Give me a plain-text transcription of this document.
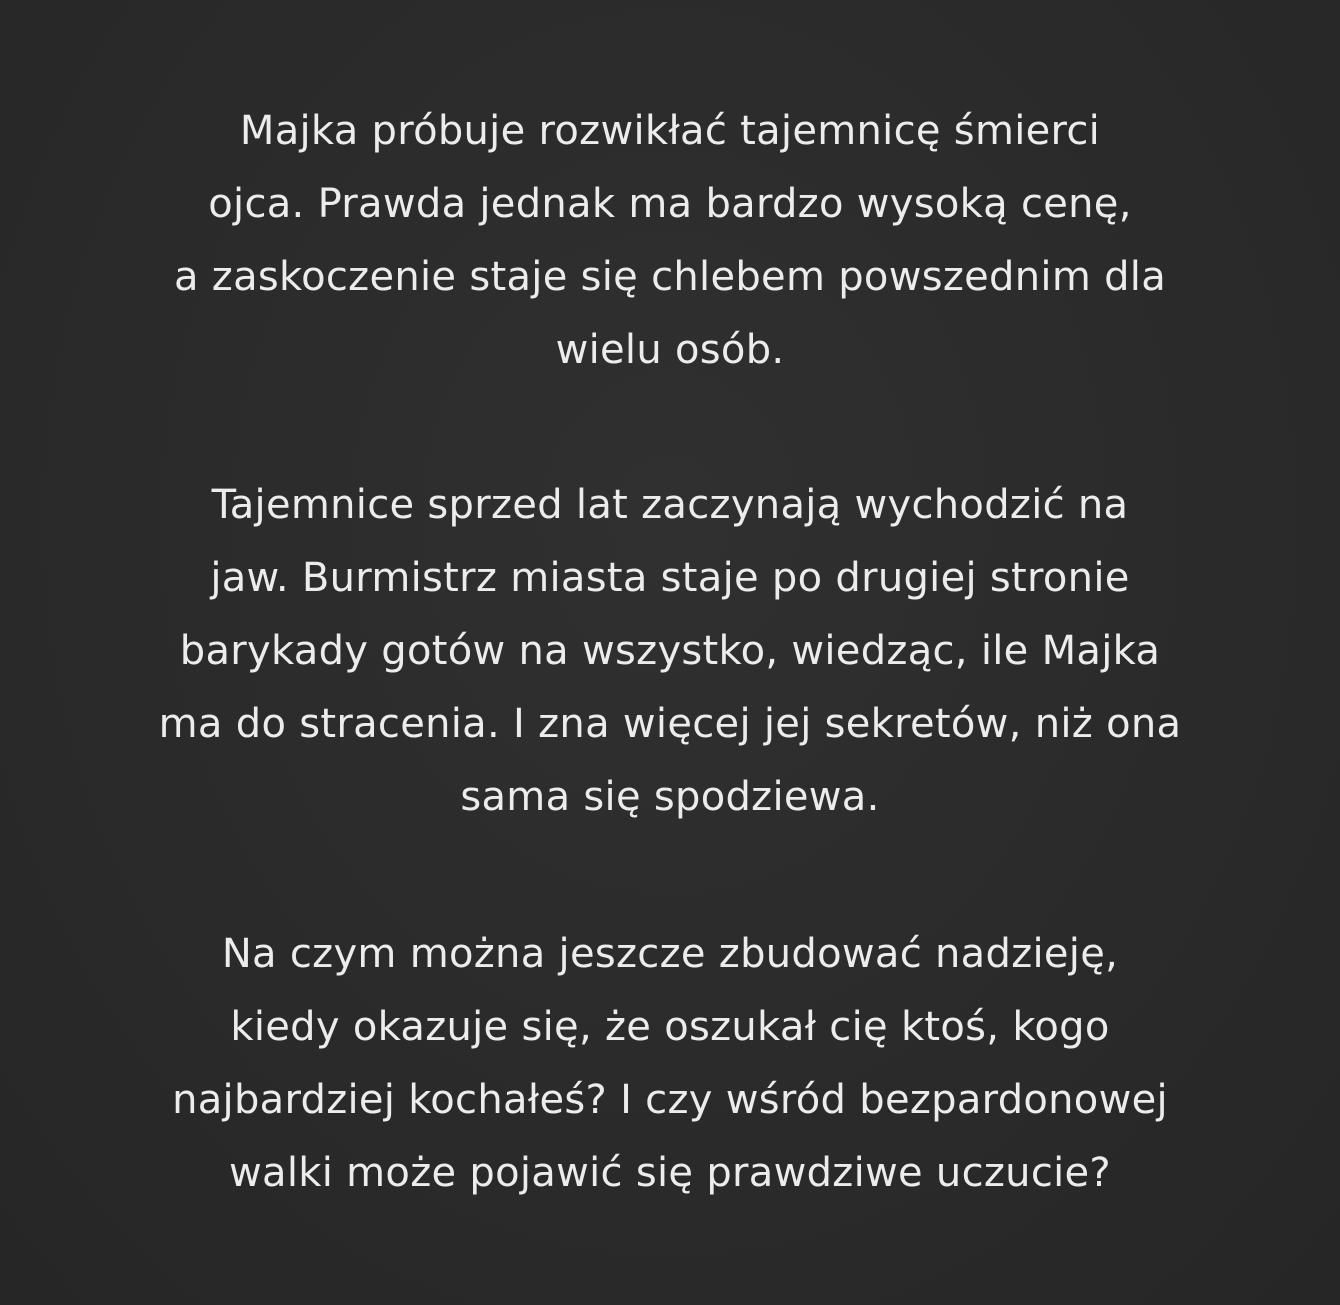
Majka próbuje rozwikłać tajemnicę śmierci
ojca. Prawda jednak ma bardzo wysoką cenę,
a zaskoczenie staje się chlebem powszednim dla
wielu osób.
Tajemnice sprzed lat zaczynają wychodzić na
jaw. Burmistrz miasta staje po drugiej stronie
barykady gotów na wszystko, wiedząc, ile Majka
ma do stracenia. I zna więcej jej sekretów, niż ona
sama się spodziewa.
Na czym można jeszcze zbudować nadzieję,
kiedy okazuje się, że oszukał cię ktoś, kogo
najbardziej kochałeś? I czy wśród bezpardonowej
walki może pojawić się prawdziwe uczucie?
